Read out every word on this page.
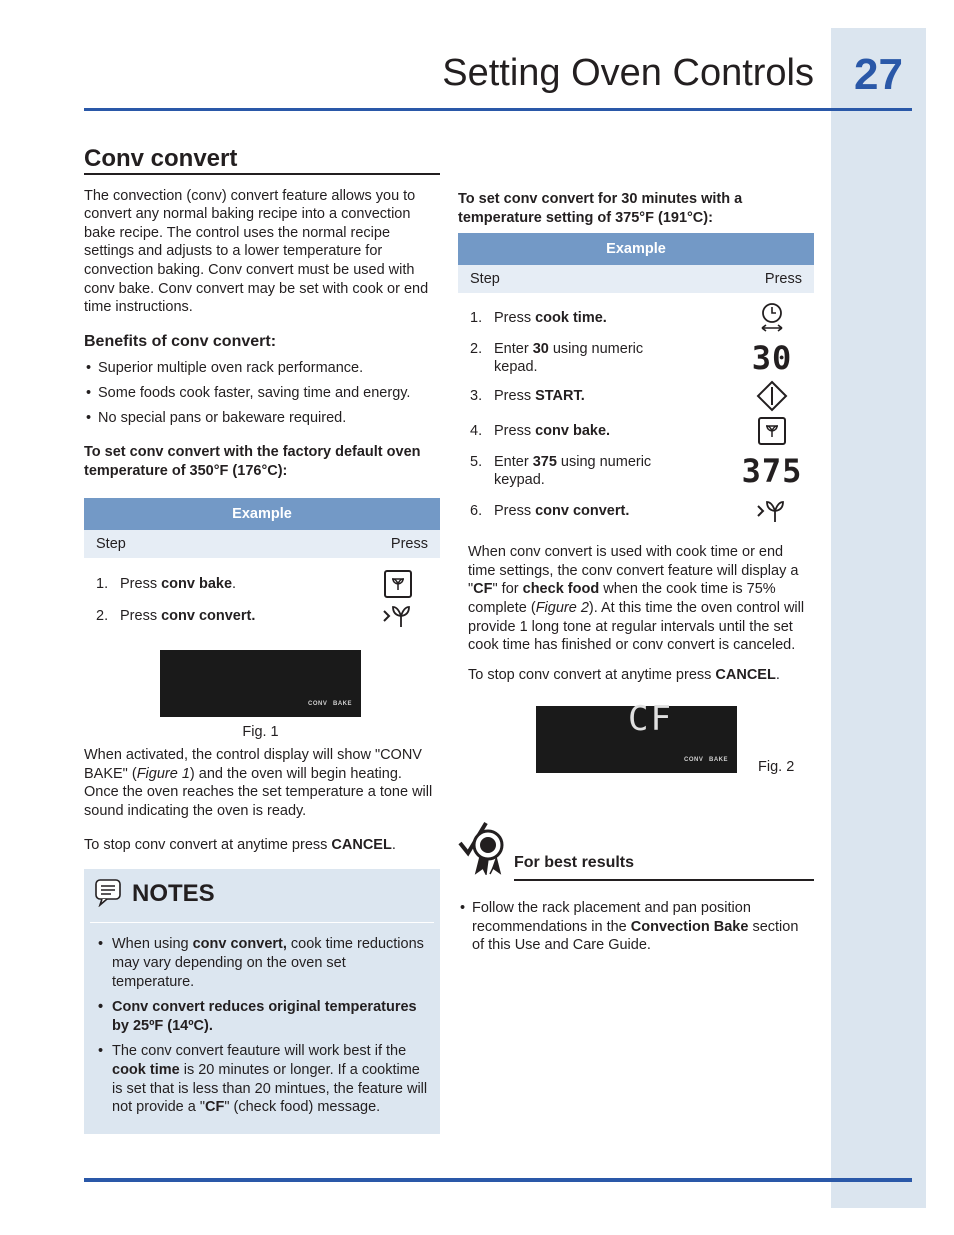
27
Setting Oven Controls
Conv convert

The convection (conv) convert feature allows you to convert any normal baking recipe into a convection bake recipe. The control uses the normal recipe settings and adjusts to a lower temperature for convection baking. Conv convert must be used with conv bake. Conv convert may be set with cook or end time instructions.

Benefits of conv convert:
• Superior multiple oven rack performance.
• Some foods cook faster, saving time and energy.
• No special pans or bakeware required.

To set conv convert with the factory default oven temperature of 350°F (176°C):

Example
Step	Press

1. Press conv bake.

2. Press conv convert.
CONV BAKE
Fig. 1

When activated, the control display will show "CONV BAKE" (Figure 1) and the oven will begin heating. Once the oven reaches the set temperature a tone will sound indicating the oven is ready.

To stop conv convert at anytime press CANCEL.

NOTES
• When using conv convert, cook time reductions may vary depending on the oven set temperature.
• Conv convert reduces original temperatures by 25ºF (14ºC).
• The conv convert feauture will work best if the cook time is 20 minutes or longer. If a cooktime is set that is less than 20 mintues, the feature will not provide a "CF" (check food) message.

To set conv convert for 30 minutes with a temperature setting of 375°F (191°C):

Example
Step	Press

1. Press cook time.

2. Enter 30 using numeric kepad.	30

3. Press START.

4. Press conv bake.

5. Enter 375 using numeric keypad.	375

6. Press conv convert.

When conv convert is used with cook time or end time settings, the conv convert feature will display a "CF" for check food when the cook time is 75% complete (Figure 2). At this time the oven control will provide 1 long tone at regular intervals until the set cook time has finished or conv convert is canceled.

To stop conv convert at anytime press CANCEL.

CF
CONV BAKE Fig. 2
For best results
• Follow the rack placement and pan position recommendations in the Convection Bake section of this Use and Care Guide.
